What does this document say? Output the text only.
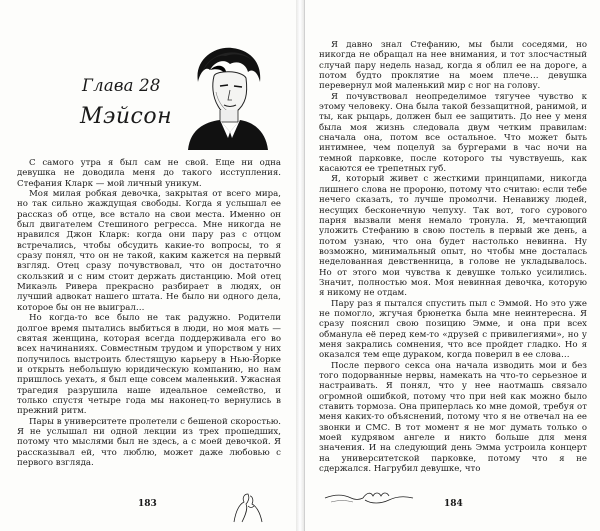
Глава 28
Мэйсон

С самого утра я был сам не свой. Еще ни одна девушка не доводила меня до такого исступления. Стефания Кларк — мой личный уникум.

Моя милая робкая девочка, закрытая от всего мира, но так сильно жаждущая свободы. Когда я услышал ее рассказ об отце, все встало на свои места. Именно он был двигателем Стешиного регресса. Мне никогда не нравился Джон Кларк: когда они пару раз с отцом встречались, чтобы обсудить какие-то вопросы, то я сразу понял, что он не такой, каким кажется на первый взгляд. Отец сразу почувствовал, что он достаточно скользкий и с ним стоит держать дистанцию. Мой отец Микаэль Ривера прекрасно разбирает в людях, он лучший адвокат нашего штата. Не было ни одного дела, которое бы он не выиграл…

Но когда-то все было не так радужно. Родители долгое время пытались выбиться в люди, но моя мать — святая женщина, которая всегда поддерживала его во всех начинаниях. Совместным трудом и упорством у них получилось выстроить блестящую карьеру в Нью-Йорке и открыть небольшую юридическую компанию, но нам пришлось уехать, я был еще совсем маленький. Ужасная трагедия разрушила наше идеальное семейство, и только спустя четыре года мы наконец-то вернулись в прежний ритм.

Пары в университете пролетели с бешеной скоростью. Я не услышал ни одной лекции из трех прошедших, потому что мыслями был не здесь, а с моей девочкой. Я рассказывал ей, что люблю, может даже любовью с первого взгляда.

183

Я давно знал Стефанию, мы были соседями, но никогда не обращал на нее внимания, и тот злосчастный случай пару недель назад, когда я облил ее на дороге, а потом будто проклятие на моем плече… девушка перевернул мой маленький мир с ног на голову.

Я почувствовал неопределимое тягучее чувство к этому человеку. Она была такой беззащитной, ранимой, и ты, как рыцарь, должен был ее защитить. До нее у меня была моя жизнь следовала двум четким правилам: сначала она, потом все остальное. Что может быть интимнее, чем поцелуй за бургерами в час ночи на темной парковке, после которого ты чувствуешь, как касаются ее трепетных губ.

Я, который живет с жесткими принципами, никогда лишнего слова не пророню, потому что считаю: если тебе нечего сказать, то лучше промолчи. Ненавижу людей, несущих бесконечную чепуху. Так вот, того сурового парня вызвали меня немало тронула. Я, мечтающий уложить Стефанию в свою постель в первый же день, а потом узнаю, что она будет настолько невинна. Ну возможно, минимальный опыт, но чтобы мне досталась неделованная девственница, в голове не укладывалось. Но от этого мои чувства к девушке только усилились. Значит, полностью моя. Моя невинная девочка, которую я никому не отдам.

Пару раз я пытался спустить пыл с Эммой. Но это уже не помогло, жгучая брюнетка была мне неинтересна. Я сразу пояснил свою позицию Эмме, и она при всех обманула её перед кем-то «друзей с привилегиями», но у меня закрались сомнения, что все пройдет гладко. Но я оказался тем еще дураком, когда поверил в ее слова…

После первого секса она начала изводить мои и без того подорванные нервы, намекать на что-то серьезное и настраивать. Я понял, что у нее наотмашь связало огромной ошибкой, потому что при ней как можно было ставить тормоза. Она приперлась ко мне домой, требуя от меня каких-то объяснений, потому что я не отвечал на ее звонки и СМС. В тот момент я не мог думать только о моей кудрявом ангеле и никто больше для меня значения. И на следующий день Эмма устроила концерт на университетской парковке, потому что я не сдержался. Нагрубил девушке, что

184
